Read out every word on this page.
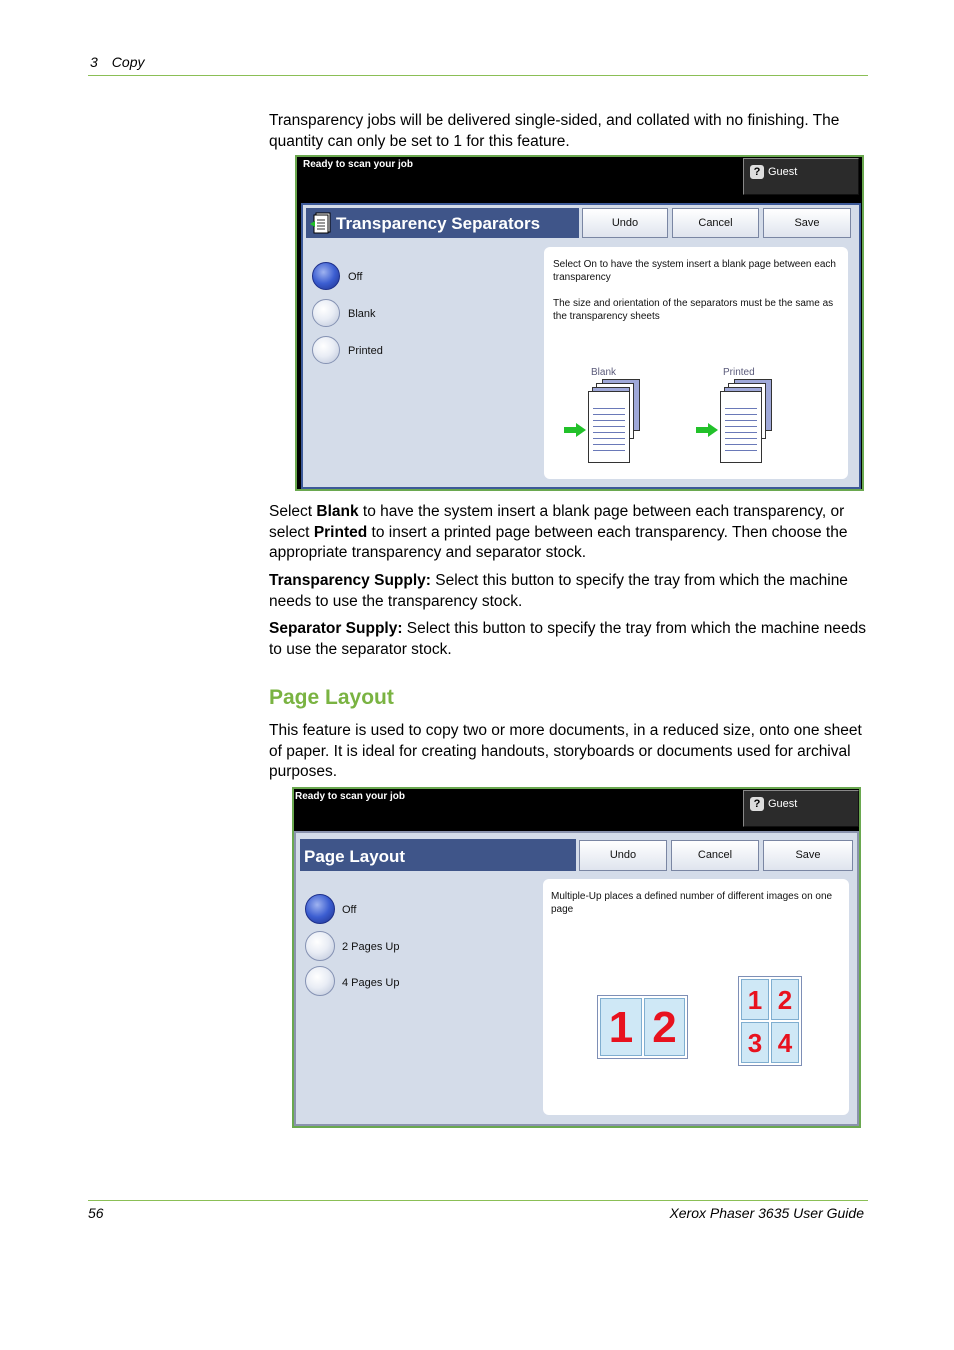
3 Copy
Transparency jobs will be delivered single-sided, and collated with no finishing. The quantity can only be set to 1 for this feature.
Ready to scan your job
? Guest
Transparency Separators	Undo	Cancel	Save
Off
Blank
Printed

Select On to have the system insert a blank page between each transparency

The size and orientation of the separators must be the same as the transparency sheets

Blank	Printed
Select Blank to have the system insert a blank page between each transparency, or select Printed to insert a printed page between each transparency. Then choose the appropriate transparency and separator stock.
Transparency Supply: Select this button to specify the tray from which the machine needs to use the transparency stock.
Separator Supply: Select this button to specify the tray from which the machine needs to use the separator stock.
Page Layout
This feature is used to copy two or more documents, in a reduced size, onto one sheet of paper. It is ideal for creating handouts, storyboards or documents used for archival purposes.
Ready to scan your job
? Guest
Page Layout	Undo	Cancel	Save
Off
2 Pages Up
4 Pages Up

Multiple-Up places a defined number of different images on one page

1 2
1 2
3 4
56	Xerox Phaser 3635 User Guide
